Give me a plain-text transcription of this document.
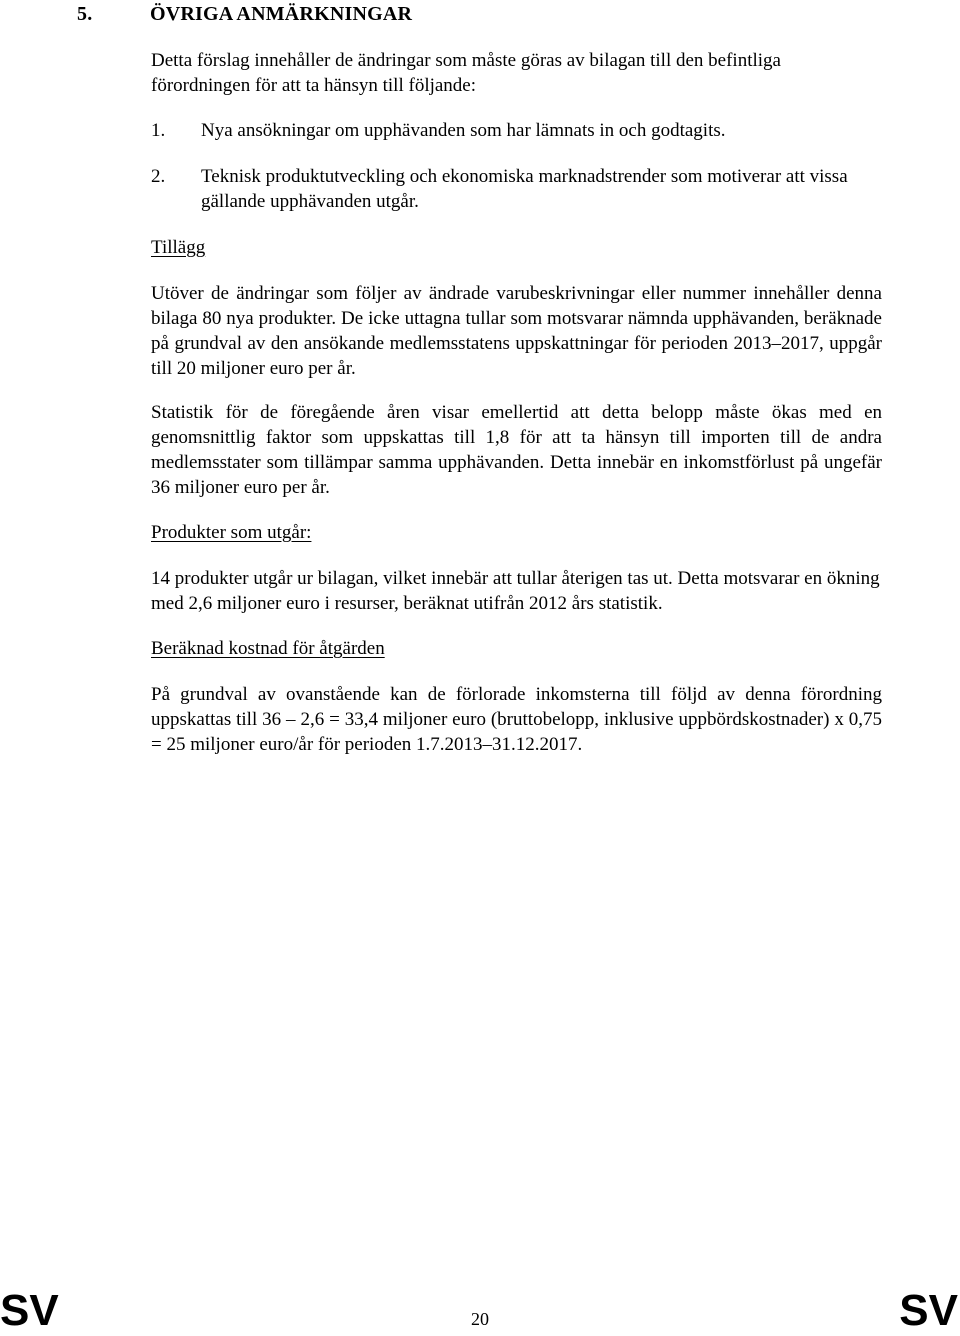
5.	ÖVRIGA ANMÄRKNINGAR
Detta förslag innehåller de ändringar som måste göras av bilagan till den befintliga förordningen för att ta hänsyn till följande:
1. Nya ansökningar om upphävanden som har lämnats in och godtagits.
2. Teknisk produktutveckling och ekonomiska marknadstrender som motiverar att vissa gällande upphävanden utgår.
Tillägg
Utöver de ändringar som följer av ändrade varubeskrivningar eller nummer innehåller denna bilaga 80 nya produkter. De icke uttagna tullar som motsvarar nämnda upphävanden, beräknade på grundval av den ansökande medlemsstatens uppskattningar för perioden 2013–2017, uppgår till 20 miljoner euro per år.
Statistik för de föregående åren visar emellertid att detta belopp måste ökas med en genomsnittlig faktor som uppskattas till 1,8 för att ta hänsyn till importen till de andra medlemsstater som tillämpar samma upphävanden. Detta innebär en inkomstförlust på ungefär 36 miljoner euro per år.
Produkter som utgår:
14 produkter utgår ur bilagan, vilket innebär att tullar återigen tas ut. Detta motsvarar en ökning med 2,6 miljoner euro i resurser, beräknat utifrån 2012 års statistik.
Beräknad kostnad för åtgärden
På grundval av ovanstående kan de förlorade inkomsterna till följd av denna förordning uppskattas till 36 – 2,6 = 33,4 miljoner euro (bruttobelopp, inklusive uppbördskostnader) x 0,75 = 25 miljoner euro/år för perioden 1.7.2013–31.12.2017.
SV	20	SV
